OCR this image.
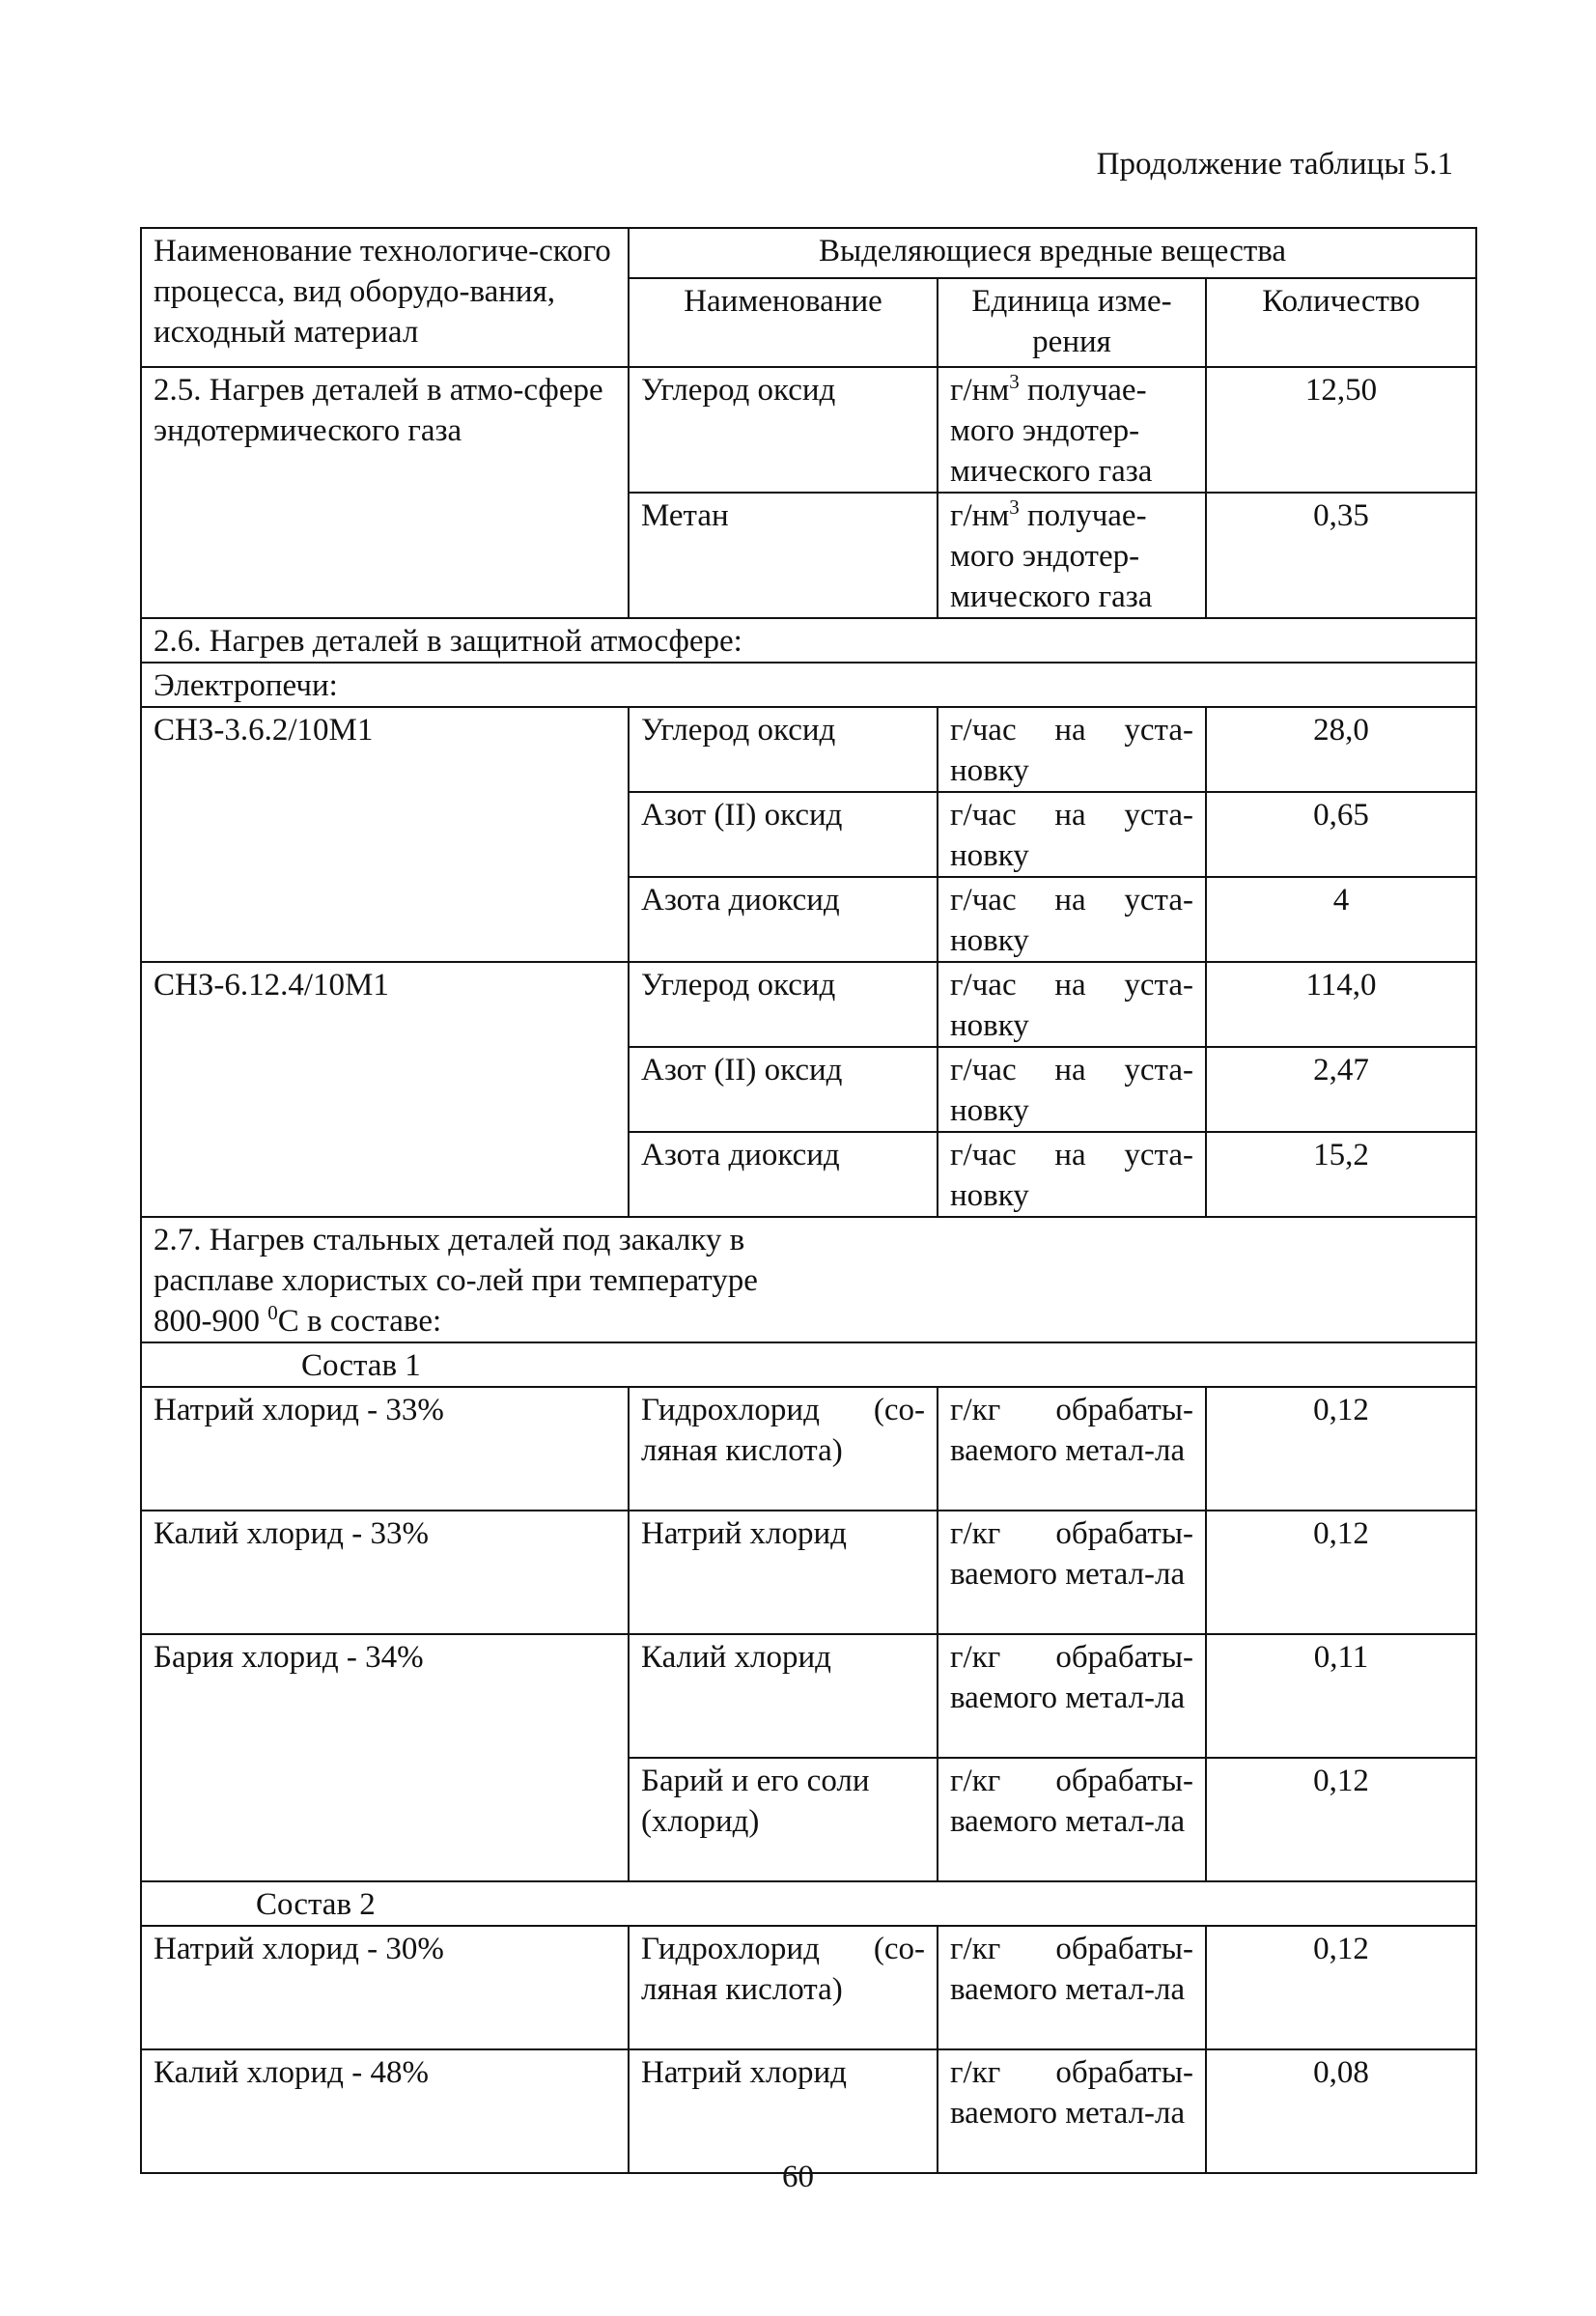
Продолжение таблицы 5.1
Наименование технологиче-ского процесса, вид оборудо-вания, исходный материал	Выделяющиеся вредные вещества		
	Наименование	Единица изме-рения	Количество
2.5. Нагрев деталей в атмо-сфере эндотермического газа	Углерод оксид	$г/нм^3$ получае-мого эндотер-мического газа	12,50
	Метан	$г/нм^3$ получае-мого эндотер-мического газа	0,35
2.6. Нагрев деталей в защитной атмосфере:			
Электропечи:			
СНЗ-3.6.2/10М1	Углерод оксид	г/час на уста-новку	28,0
	Азот (II) оксид	г/час на уста-новку	0,65
	Азота диоксид	г/час на уста-новку	4
СНЗ-6.12.4/10М1	Углерод оксид	г/час на уста-новку	114,0
	Азот (II) оксид	г/час на уста-новку	2,47
	Азота диоксид	г/час на уста-новку	15,2
2.7. Нагрев стальных деталей под закалку в расплаве хлористых со-лей при температуре 800-900 $^0$С в составе:			
Состав 1			
Натрий хлорид - 33%	Гидрохлорид (со-ляная кислота)	г/кг обрабаты-ваемого метал-ла	0,12
Калий хлорид - 33%	Натрий хлорид	г/кг обрабаты-ваемого метал-ла	0,12
Бария хлорид - 34%	Калий хлорид	г/кг обрабаты-ваемого метал-ла	0,11
	Барий и его соли (хлорид)	г/кг обрабаты-ваемого метал-ла	0,12
Состав 2			
Натрий хлорид - 30%	Гидрохлорид (со-ляная кислота)	г/кг обрабаты-ваемого метал-ла	0,12
Калий хлорид - 48%	Натрий хлорид	г/кг обрабаты-ваемого метал-ла	0,08
60
